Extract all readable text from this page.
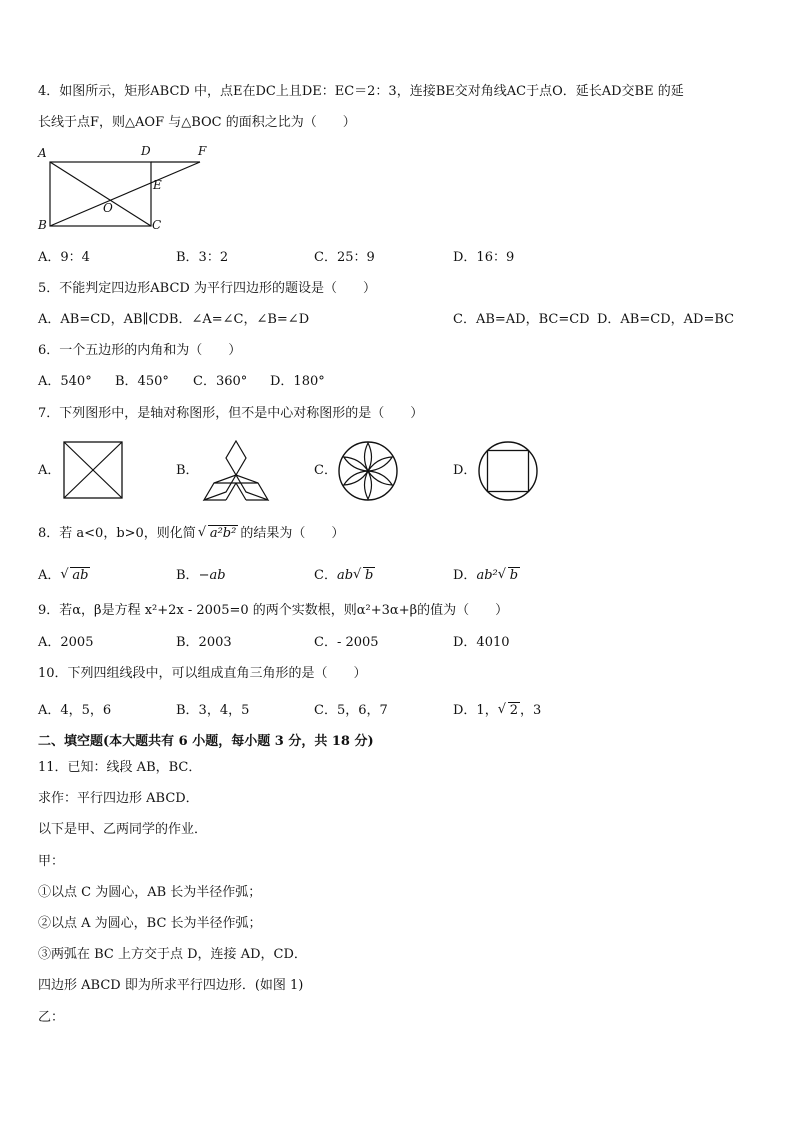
4．如图所示，矩形ABCD 中，点E在DC上且DE：EC＝2：3，连接BE交对角线AC于点O．延长AD交BE 的延
长线于点F，则△AOF 与△BOC 的面积之比为（　　）
A	D	F
E
O
B	C
A．9：4	B．3：2	C．25：9	D．16：9
5．不能判定四边形ABCD 为平行四边形的题设是（　　）
A．AB=CD，AB∥CDB．∠A=∠C，∠B=∠D	C．AB=AD，BC=CD D．AB=CD，AD=BC
6．一个五边形的内角和为（　　）
A．540° B．450° C．360° D．180°
7．下列图形中，是轴对称图形，但不是中心对称图形的是（　　）
A．	B．	C．	D．
8．若 a<0，b>0，则化简 √ a²b² 的结果为（　　）
A． √ ab	B．−ab	C．ab √ b	D．ab² √ b
9．若α，β是方程 x²+2x - 2005=0 的两个实数根，则α²+3α+β的值为（　　）
A．2005	B．2003	C．- 2005	D．4010
10．下列四组线段中，可以组成直角三角形的是（　　）
A．4，5，6	B．3，4，5	C．5，6，7	D．1， √ 2 ，3
二、填空题(本大题共有 6 小题，每小题 3 分，共 18 分)
11．已知：线段 AB，BC．
求作：平行四边形 ABCD．
以下是甲、乙两同学的作业．
甲：
①以点 C 为圆心，AB 长为半径作弧；
②以点 A 为圆心，BC 长为半径作弧；
③两弧在 BC 上方交于点 D，连接 AD，CD．
四边形 ABCD 即为所求平行四边形．(如图 1)
乙：
